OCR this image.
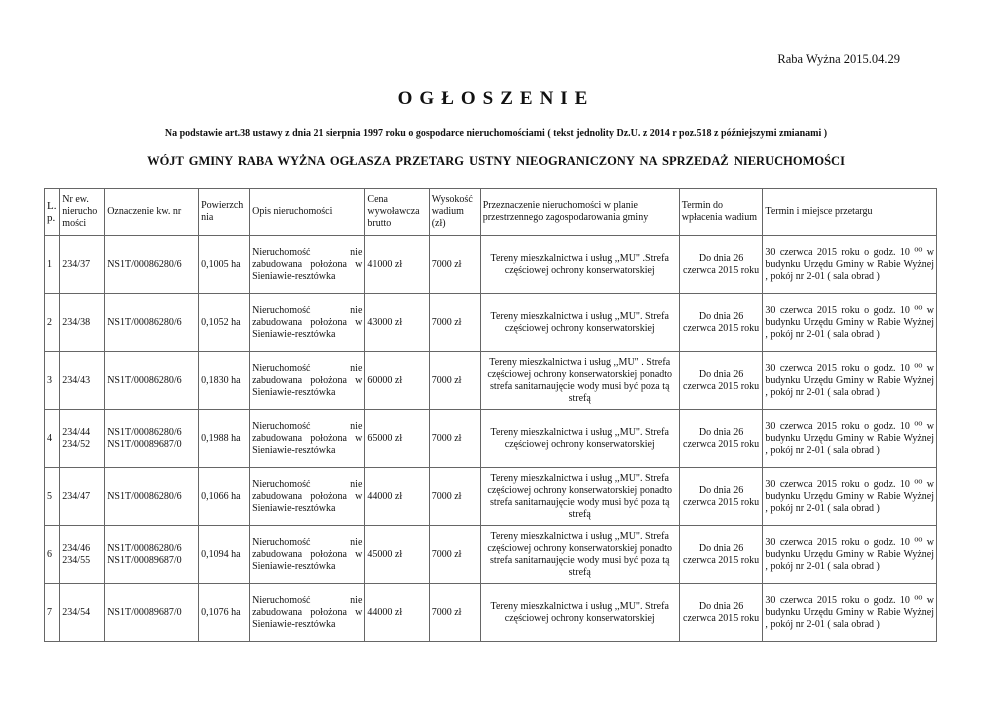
Raba Wyżna 2015.04.29
OGŁOSZENIE
Na podstawie art.38 ustawy z dnia 21 sierpnia 1997 roku o gospodarce nieruchomościami ( tekst jednolity Dz.U. z 2014 r poz.518 z późniejszymi zmianami )
WÓJT GMINY RABA WYŻNA OGŁASZA PRZETARG USTNY NIEOGRANICZONY NA SPRZEDAŻ NIERUCHOMOŚCI
L. p.	Nr ew. nierucho mości	Oznaczenie kw. nr	Powierzch nia	Opis nieruchomości	Cena wywoławcza brutto	Wysokość wadium (zł)	Przeznaczenie nieruchomości w planie przestrzennego zagospodarowania gminy	Termin do wpłacenia wadium	Termin i miejsce przetargu
1	234/37	NS1T/00086280/6	0,1005 ha	Nieruchomość nie zabudowana położona w Sieniawie-resztówka	41000 zł	7000 zł	Tereny mieszkalnictwa i usług ,,MU" .Strefa częściowej ochrony konserwatorskiej	Do dnia 26 czerwca 2015 roku	30 czerwca 2015 roku o godz. 10 ⁰⁰ w budynku Urzędu Gminy w Rabie Wyżnej , pokój nr 2-01 ( sala obrad )
2	234/38	NS1T/00086280/6	0,1052 ha	Nieruchomość nie zabudowana położona w Sieniawie-resztówka	43000 zł	7000 zł	Tereny mieszkalnictwa i usług ,,MU". Strefa częściowej ochrony konserwatorskiej	Do dnia 26 czerwca 2015 roku	30 czerwca 2015 roku o godz. 10 ⁰⁰ w budynku Urzędu Gminy w Rabie Wyżnej , pokój nr 2-01 ( sala obrad )
3	234/43	NS1T/00086280/6	0,1830 ha	Nieruchomość nie zabudowana położona w Sieniawie-resztówka	60000 zł	7000 zł	Tereny mieszkalnictwa i usług ,,MU" . Strefa częściowej ochrony konserwatorskiej ponadto strefa sanitarnaujęcie wody musi być poza tą strefą	Do dnia 26 czerwca 2015 roku	30 czerwca 2015 roku o godz. 10 ⁰⁰ w budynku Urzędu Gminy w Rabie Wyżnej , pokój nr 2-01 ( sala obrad )
4	234/44 234/52	NS1T/00086280/6 NS1T/00089687/0	0,1988 ha	Nieruchomość nie zabudowana położona w Sieniawie-resztówka	65000 zł	7000 zł	Tereny mieszkalnictwa i usług ,,MU". Strefa częściowej ochrony konserwatorskiej	Do dnia 26 czerwca 2015 roku	30 czerwca 2015 roku o godz. 10 ⁰⁰ w budynku Urzędu Gminy w Rabie Wyżnej , pokój nr 2-01 ( sala obrad )
5	234/47	NS1T/00086280/6	0,1066 ha	Nieruchomość nie zabudowana położona w Sieniawie-resztówka	44000 zł	7000 zł	Tereny mieszkalnictwa i usług ,,MU". Strefa częściowej ochrony konserwatorskiej ponadto strefa sanitarnaujęcie wody musi być poza tą strefą	Do dnia 26 czerwca 2015 roku	30 czerwca 2015 roku o godz. 10 ⁰⁰ w budynku Urzędu Gminy w Rabie Wyżnej , pokój nr 2-01 ( sala obrad )
6	234/46 234/55	NS1T/00086280/6 NS1T/00089687/0	0,1094 ha	Nieruchomość nie zabudowana położona w Sieniawie-resztówka	45000 zł	7000 zł	Tereny mieszkalnictwa i usług ,,MU". Strefa częściowej ochrony konserwatorskiej ponadto strefa sanitarnaujęcie wody musi być poza tą strefą	Do dnia 26 czerwca 2015 roku	30 czerwca 2015 roku o godz. 10 ⁰⁰ w budynku Urzędu Gminy w Rabie Wyżnej , pokój nr 2-01 ( sala obrad )
7	234/54	NS1T/00089687/0	0,1076 ha	Nieruchomość nie zabudowana położona w Sieniawie-resztówka	44000 zł	7000 zł	Tereny mieszkalnictwa i usług ,,MU". Strefa częściowej ochrony konserwatorskiej	Do dnia 26 czerwca 2015 roku	30 czerwca 2015 roku o godz. 10 ⁰⁰ w budynku Urzędu Gminy w Rabie Wyżnej , pokój nr 2-01 ( sala obrad )
